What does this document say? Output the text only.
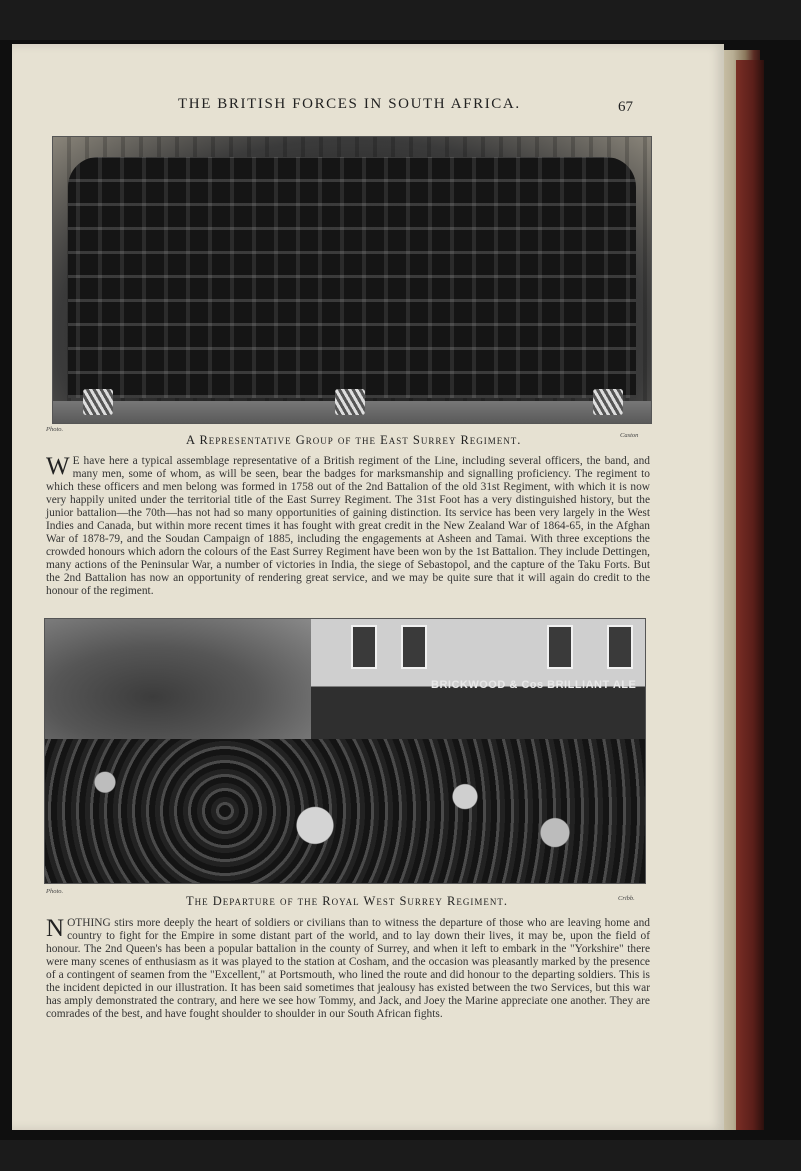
THE BRITISH FORCES IN SOUTH AFRICA.	67
Photo.
Caston
A Representative Group of the East Surrey Regiment.

W E have here a typical assemblage representative of a British regiment of the Line, including several officers, the band, and many men, some of whom, as will be seen, bear the badges for marksmanship and signalling proficiency. The regiment to which these officers and men belong was formed in 1758 out of the 2nd Battalion of the old 31st Regiment, with which it is now very happily united under the territorial title of the East Surrey Regiment. The 31st Foot has a very distinguished history, but the junior battalion—the 70th—has not had so many opportunities of gaining distinction. Its service has been very largely in the West Indies and Canada, but within more recent times it has fought with great credit in the New Zealand War of 1864-65, in the Afghan War of 1878-79, and the Soudan Campaign of 1885, including the engagements at Asheen and Tamai. With three exceptions the crowded honours which adorn the colours of the East Surrey Regiment have been won by the 1st Battalion. They include Dettingen, many actions of the Peninsular War, a number of victories in India, the siege of Sebastopol, and the capture of the Taku Forts. But the 2nd Battalion has now an opportunity of rendering great service, and we may be quite sure that it will again do credit to the honour of the regiment.

BRICKWOOD & Cos BRILLIANT ALE
Photo.
Cribb.
The Departure of the Royal West Surrey Regiment.

NOTHING stirs more deeply the heart of soldiers or civilians than to witness the departure of those who are leaving home and country to fight for the Empire in some distant part of the world, and to lay down their lives, it may be, upon the field of honour. The 2nd Queen's has been a popular battalion in the county of Surrey, and when it left to embark in the "Yorkshire" there were many scenes of enthusiasm as it was played to the station at Cosham, and the occasion was pleasantly marked by the presence of a contingent of seamen from the "Excellent," at Portsmouth, who lined the route and did honour to the departing soldiers. This is the incident depicted in our illustration. It has been said sometimes that jealousy has existed between the two Services, but this war has amply demonstrated the contrary, and here we see how Tommy, and Jack, and Joey the Marine appreciate one another. They are comrades of the best, and have fought shoulder to shoulder in our South African fights.
